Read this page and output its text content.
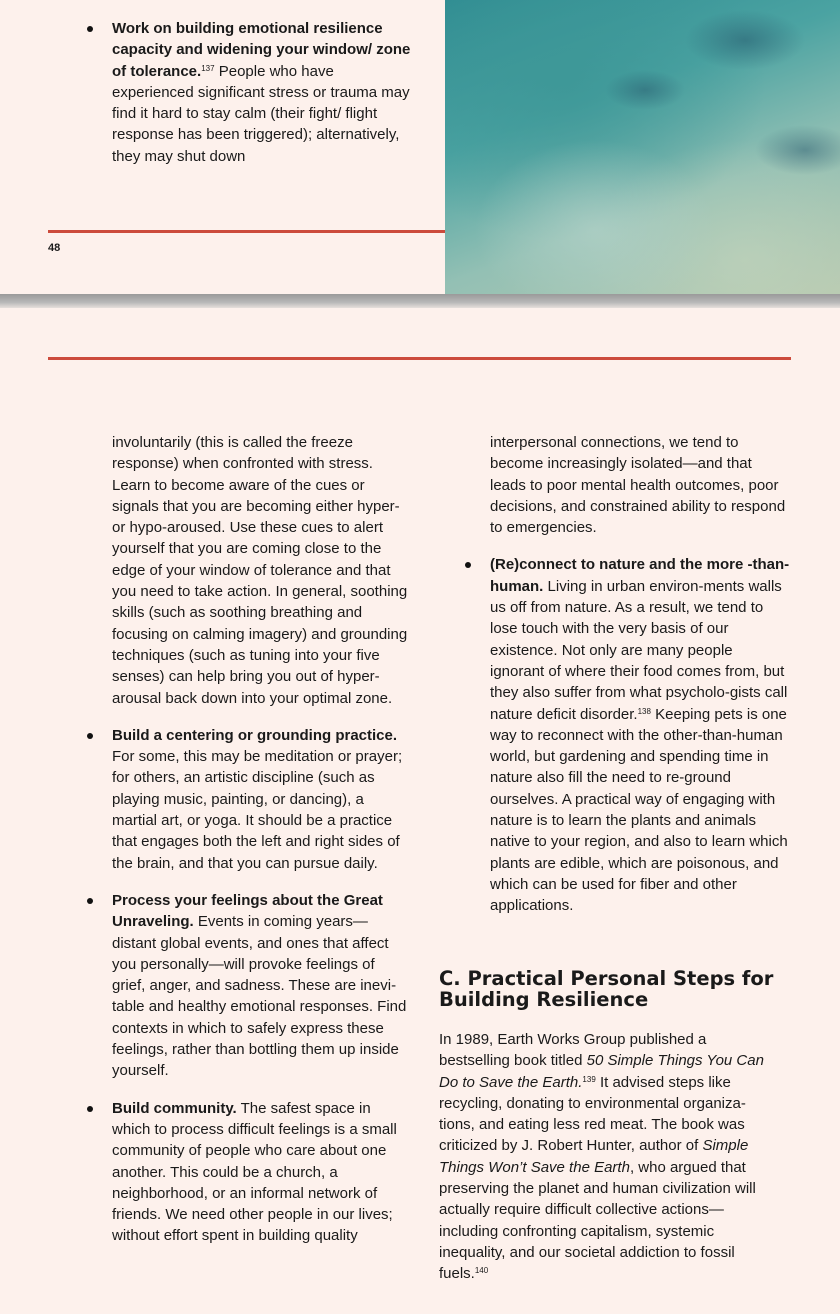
Work on building emotional resilience capacity and widening your window/ zone of tolerance.$^{137}$ People who have experienced significant stress or trauma may find it hard to stay calm (their fight/ flight response has been triggered); alternatively, they may shut down

48

involuntarily (this is called the freeze response) when confronted with stress. Learn to become aware of the cues or signals that you are becoming either hyper- or hypo-aroused. Use these cues to alert yourself that you are coming close to the edge of your window of tolerance and that you need to take action. In general, soothing skills (such as soothing breathing and focusing on calming imagery) and grounding techniques (such as tuning into your five senses) can help bring you out of hyper-arousal back down into your optimal zone.

Build a centering or grounding practice. For some, this may be meditation or prayer; for others, an artistic discipline (such as playing music, painting, or dancing), a martial art, or yoga. It should be a practice that engages both the left and right sides of the brain, and that you can pursue daily.

Process your feelings about the Great Unraveling. Events in coming years—distant global events, and ones that affect you personally—will provoke feelings of grief, anger, and sadness. These are inevi-table and healthy emotional responses. Find contexts in which to safely express these feelings, rather than bottling them up inside yourself.

Build community. The safest space in which to process difficult feelings is a small community of people who care about one another. This could be a church, a neighborhood, or an informal network of friends. We need other people in our lives; without effort spent in building quality

interpersonal connections, we tend to become increasingly isolated—and that leads to poor mental health outcomes, poor decisions, and constrained ability to respond to emergencies.

(Re)connect to nature and the more -than-human. Living in urban environ-ments walls us off from nature. As a result, we tend to lose touch with the very basis of our existence. Not only are many people ignorant of where their food comes from, but they also suffer from what psycholo-gists call nature deficit disorder.$^{138}$ Keeping pets is one way to reconnect with the other-than-human world, but gardening and spending time in nature also fill the need to re-ground ourselves. A practical way of engaging with nature is to learn the plants and animals native to your region, and also to learn which plants are edible, which are poisonous, and which can be used for fiber and other applications.

C. Practical Personal Steps for Building Resilience

In 1989, Earth Works Group published a bestselling book titled 50 Simple Things You Can Do to Save the Earth.$^{139}$ It advised steps like recycling, donating to environmental organiza-tions, and eating less red meat. The book was criticized by J. Robert Hunter, author of Simple Things Won’t Save the Earth, who argued that preserving the planet and human civilization will actually require difficult collective actions—including confronting capitalism, systemic inequality, and our societal addiction to fossil fuels.$^{140}$
